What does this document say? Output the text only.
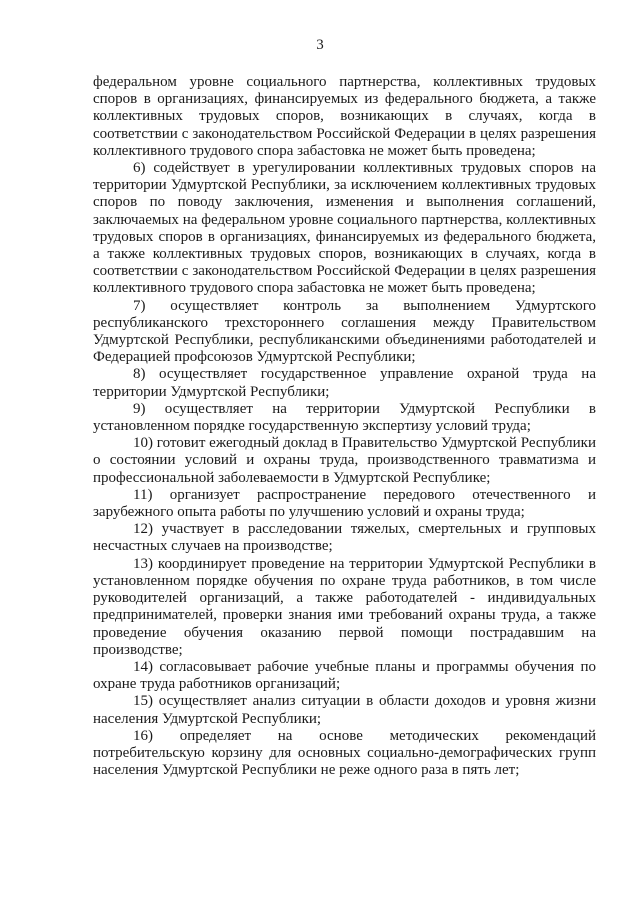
3

федеральном уровне социального партнерства, коллективных трудовых споров в организациях, финансируемых из федерального бюджета, а также коллективных трудовых споров, возникающих в случаях, когда в соответствии с законодательством Российской Федерации в целях разрешения коллективного трудового спора забастовка не может быть проведена;

6) содействует в урегулировании коллективных трудовых споров на территории Удмуртской Республики, за исключением коллективных трудовых споров по поводу заключения, изменения и выполнения соглашений, заключаемых на федеральном уровне социального партнерства, коллективных трудовых споров в организациях, финансируемых из федерального бюджета, а также коллективных трудовых споров, возникающих в случаях, когда в соответствии с законодательством Российской Федерации в целях разрешения коллективного трудового спора забастовка не может быть проведена;

7) осуществляет контроль за выполнением Удмуртского республиканского трехстороннего соглашения между Правительством Удмуртской Республики, республиканскими объединениями работодателей и Федерацией профсоюзов Удмуртской Республики;

8) осуществляет государственное управление охраной труда на территории Удмуртской Республики;

9) осуществляет на территории Удмуртской Республики в установленном порядке государственную экспертизу условий труда;

10) готовит ежегодный доклад в Правительство Удмуртской Республики о состоянии условий и охраны труда, производственного травматизма и профессиональной заболеваемости в Удмуртской Республике;

11) организует распространение передового отечественного и зарубежного опыта работы по улучшению условий и охраны труда;

12) участвует в расследовании тяжелых, смертельных и групповых несчастных случаев на производстве;

13) координирует проведение на территории Удмуртской Республики в установленном порядке обучения по охране труда работников, в том числе руководителей организаций, а также работодателей - индивидуальных предпринимателей, проверки знания ими требований охраны труда, а также проведение обучения оказанию первой помощи пострадавшим на производстве;

14) согласовывает рабочие учебные планы и программы обучения по охране труда работников организаций;

15) осуществляет анализ ситуации в области доходов и уровня жизни населения Удмуртской Республики;

16) определяет на основе методических рекомендаций потребительскую корзину для основных социально-демографических групп населения Удмуртской Республики не реже одного раза в пять лет;
